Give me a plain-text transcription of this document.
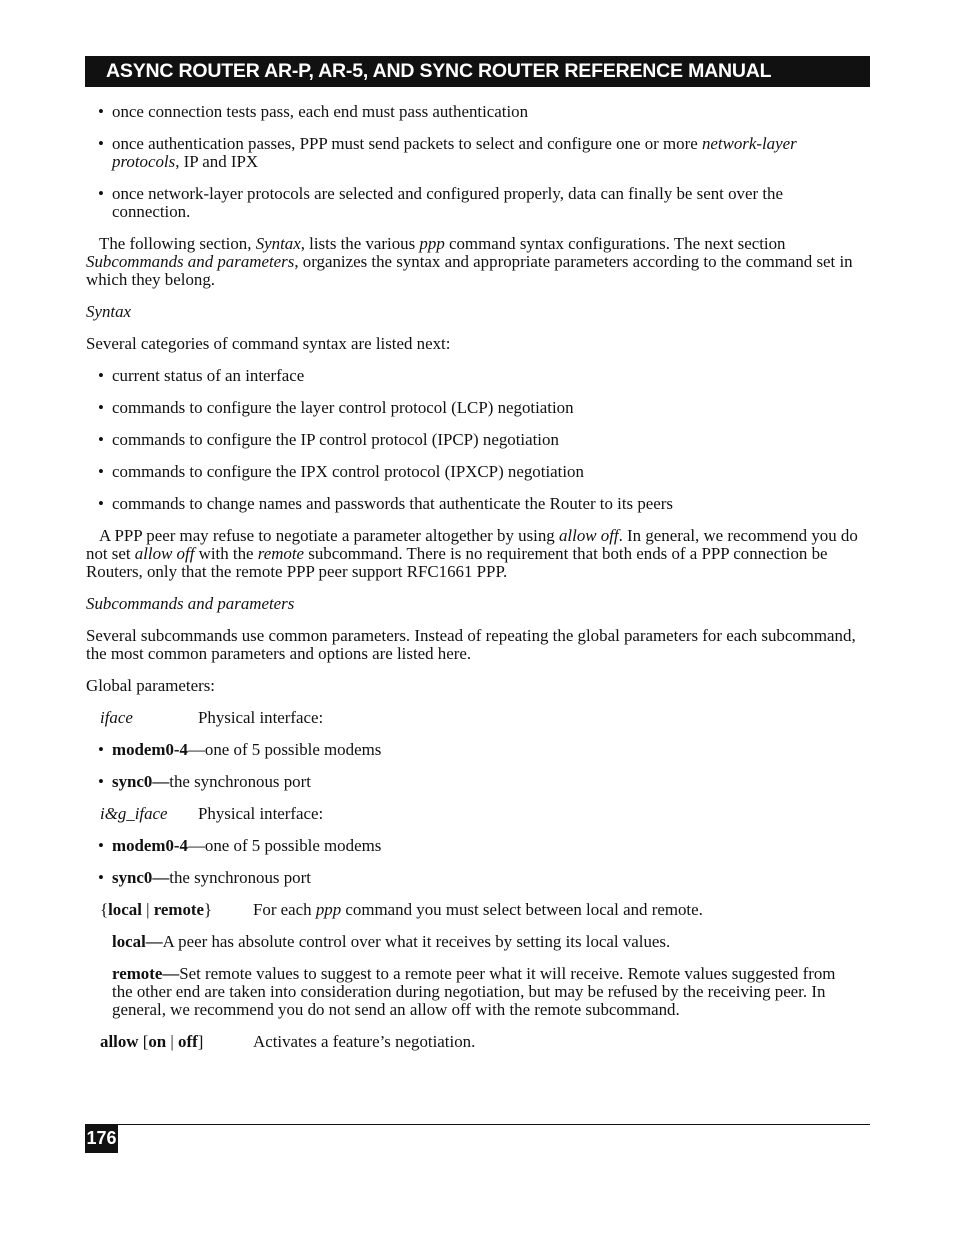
ASYNC ROUTER AR-P, AR-5, AND SYNC ROUTER REFERENCE MANUAL

• once connection tests pass, each end must pass authentication

• once authentication passes, PPP must send packets to select and configure one or more network-layer protocols, IP and IPX

• once network-layer protocols are selected and configured properly, data can finally be sent over the connection.

The following section, Syntax, lists the various ppp command syntax configurations. The next section Subcommands and parameters, organizes the syntax and appropriate parameters according to the command set in which they belong.

Syntax

Several categories of command syntax are listed next:

• current status of an interface

• commands to configure the layer control protocol (LCP) negotiation

• commands to configure the IP control protocol (IPCP) negotiation

• commands to configure the IPX control protocol (IPXCP) negotiation

• commands to change names and passwords that authenticate the Router to its peers

A PPP peer may refuse to negotiate a parameter altogether by using allow off. In general, we recommend you do not set allow off with the remote subcommand. There is no requirement that both ends of a PPP connection be Routers, only that the remote PPP peer support RFC1661 PPP.

Subcommands and parameters

Several subcommands use common parameters. Instead of repeating the global parameters for each subcommand, the most common parameters and options are listed here.

Global parameters:

iface	Physical interface:

• modem0-4—one of 5 possible modems

• sync0—the synchronous port

i&g_iface Physical interface:

• modem0-4—one of 5 possible modems

• sync0—the synchronous port

{local | remote} For each ppp command you must select between local and remote.

local—A peer has absolute control over what it receives by setting its local values.

remote—Set remote values to suggest to a remote peer what it will receive. Remote values suggested from the other end are taken into consideration during negotiation, but may be refused by the receiving peer. In general, we recommend you do not send an allow off with the remote subcommand.

allow [on | off]	Activates a feature’s negotiation.
176
